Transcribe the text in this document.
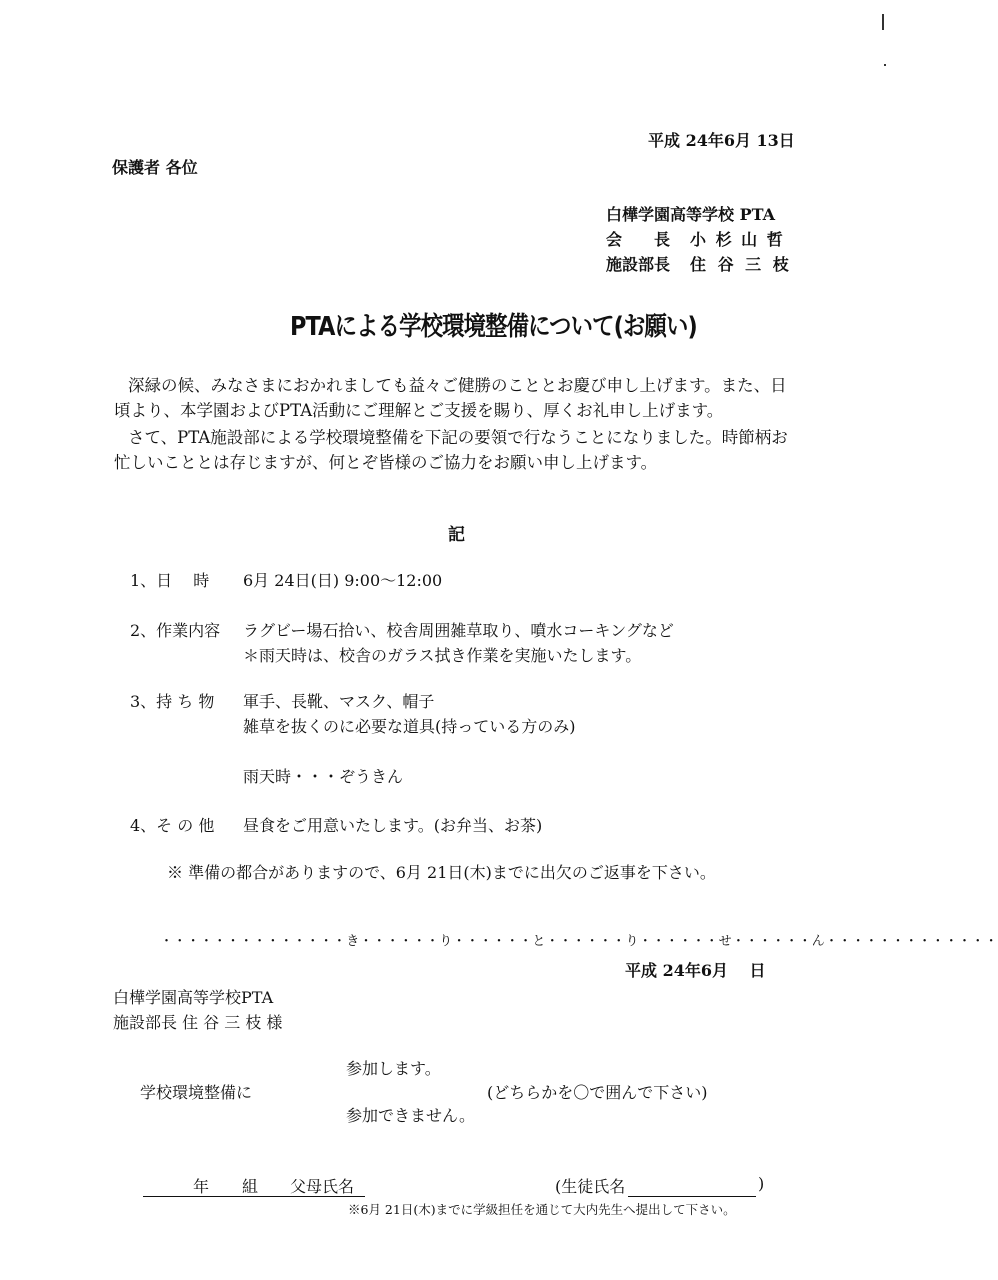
平成 24年6月 13日
保護者 各位
白樺学園高等学校 PTA
会　　長 小 杉 山 哲
施設部長 住 谷 三 枝
PTAによる学校環境整備について(お願い)
深緑の候、みなさまにおかれましても益々ご健勝のこととお慶び申し上げます。また、日
頃より、本学園およびPTA活動にご理解とご支援を賜り、厚くお礼申し上げます。
さて、PTA施設部による学校環境整備を下記の要領で行なうことになりました。時節柄お
忙しいこととは存じますが、何とぞ皆様のご協力をお願い申し上げます。
記
1、日　 時	6月 24日(日) 9:00～12:00
2、作業内容	ラグビー場石拾い、校舎周囲雑草取り、噴水コーキングなど
＊雨天時は、校舎のガラス拭き作業を実施いたします。
3、持 ち 物	軍手、長靴、マスク、帽子
雑草を抜くのに必要な道具(持っている方のみ)
雨天時・・・ぞうきん
4、そ の 他	昼食をご用意いたします。(お弁当、お茶)
※ 準備の都合がありますので、6月 21日(木)までに出欠のご返事を下さい。
・・・・・・・・・・・・・・き・・・・・・り・・・・・・と・・・・・・り・・・・・・せ・・・・・・ん・・・・・・・・・・・・・
平成 24年6月　 日
白樺学園高等学校PTA
施設部長 住 谷 三 枝 様
参加します。
学校環境整備に	(どちらかを〇で囲んで下さい)
参加できません。
年 組 父母氏名	(生徒氏名	)
※6月 21日(木)までに学級担任を通じて大内先生へ提出して下さい。
